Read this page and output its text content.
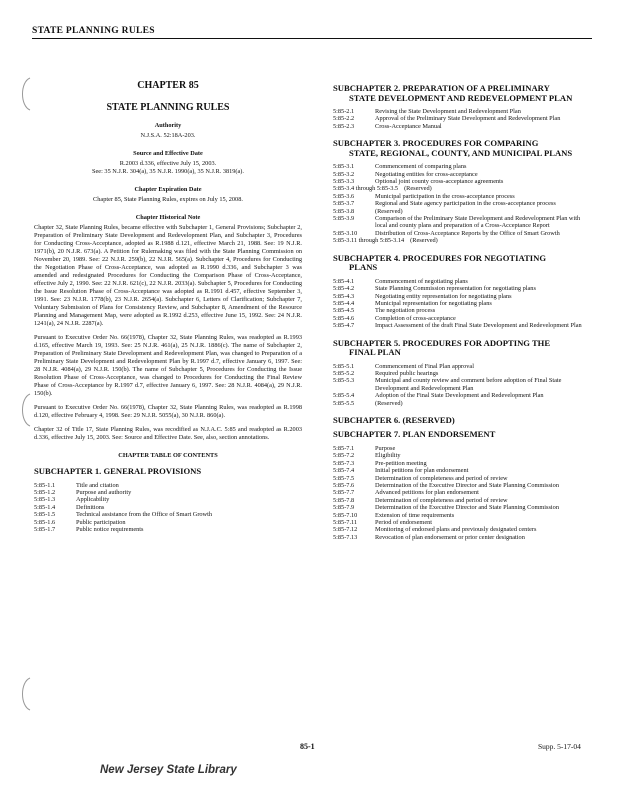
STATE PLANNING RULES
CHAPTER 85
STATE PLANNING RULES
Authority
N.J.S.A. 52:18A-203.
Source and Effective Date
R.2003 d.336, effective July 15, 2003.
See: 35 N.J.R. 304(a), 35 N.J.R. 1990(a), 35 N.J.R. 3819(a).
Chapter Expiration Date
Chapter 85, State Planning Rules, expires on July 15, 2008.
Chapter Historical Note

Chapter 32, State Planning Rules, became effective with Subchapter 1, General Provisions; Subchapter 2, Preparation of Preliminary State Development and Redevelopment Plan, and Subchapter 3, Procedures for Conducting Cross-Acceptance, adopted as R.1988 d.121, effective March 21, 1988. See: 19 N.J.R. 1971(b), 20 N.J.R. 673(a). A Petition for Rulemaking was filed with the State Planning Commission on November 20, 1989. See: 22 N.J.R. 259(b), 22 N.J.R. 565(a). Subchapter 4, Procedures for Conducting the Negotiation Phase of Cross-Acceptance, was adopted as R.1990 d.336, and Subchapter 3 was amended and redesignated Procedures for Conducting the Comparison Phase of Cross-Acceptance, effective July 2, 1990. See: 22 N.J.R. 621(c), 22 N.J.R. 2033(a). Subchapter 5, Procedures for Conducting the Issue Resolution Phase of Cross-Acceptance was adopted as R.1991 d.457, effective September 3, 1991. See: 23 N.J.R. 1778(b), 23 N.J.R. 2654(a). Subchapter 6, Letters of Clarification; Subchapter 7, Voluntary Submission of Plans for Consistency Review, and Subchapter 8, Amendment of the Resource Planning and Management Map, were adopted as R.1992 d.253, effective June 15, 1992. See: 24 N.J.R. 1241(a), 24 N.J.R. 2287(a).

Pursuant to Executive Order No. 66(1978), Chapter 32, State Planning Rules, was readopted as R.1993 d.165, effective March 19, 1993. See: 25 N.J.R. 461(a), 25 N.J.R. 1886(c). The name of Subchapter 2, Preparation of Preliminary State Development and Redevelopment Plan, was changed to Preparation of a Preliminary State Development and Redevelopment Plan by R.1997 d.7, effective January 6, 1997. See: 28 N.J.R. 4084(a), 29 N.J.R. 150(b). The name of Subchapter 5, Procedures for Conducting the Issue Resolution Phase of Cross-Acceptance, was changed to Procedures for Conducting the Final Review Phase of Cross-Acceptance by R.1997 d.7, effective January 6, 1997. See: 28 N.J.R. 4084(a), 29 N.J.R. 150(b).

Pursuant to Executive Order No. 66(1978), Chapter 32, State Planning Rules, was readopted as R.1998 d.120, effective February 4, 1998. See: 29 N.J.R. 5055(a), 30 N.J.R. 860(a).

Chapter 32 of Title 17, State Planning Rules, was recodified as N.J.A.C. 5:85 and readopted as R.2003 d.336, effective July 15, 2003. See: Source and Effective Date. See, also, section annotations.

CHAPTER TABLE OF CONTENTS
SUBCHAPTER 1. GENERAL PROVISIONS
5:85-1.1	Title and citation
5:85-1.2	Purpose and authority
5:85-1.3	Applicability
5:85-1.4	Definitions
5:85-1.5	Technical assistance from the Office of Smart Growth
5:85-1.6	Public participation
5:85-1.7	Public notice requirements
SUBCHAPTER 2. PREPARATION OF A PRELIMINARY
STATE DEVELOPMENT AND REDEVELOPMENT PLAN
5:85-2.1	Revising the State Development and Redevelopment Plan
5:85-2.2	Approval of the Preliminary State Development and Redevelopment Plan
5:85-2.3	Cross-Acceptance Manual
SUBCHAPTER 3. PROCEDURES FOR COMPARING
STATE, REGIONAL, COUNTY, AND MUNICIPAL PLANS
5:85-3.1	Commencement of comparing plans
5:85-3.2	Negotiating entities for cross-acceptance
5:85-3.3	Optional joint county cross-acceptance agreements
5:85-3.4 through 5:85-3.5 (Reserved)
5:85-3.6	Municipal participation in the cross-acceptance process
5:85-3.7	Regional and State agency participation in the cross-acceptance process
5:85-3.8	(Reserved)
5:85-3.9	Comparison of the Preliminary State Development and Redevelopment Plan with local and county plans and preparation of a Cross-Acceptance Report
5:85-3.10	Distribution of Cross-Acceptance Reports by the Office of Smart Growth
5:85-3.11 through 5:85-3.14 (Reserved)
SUBCHAPTER 4. PROCEDURES FOR NEGOTIATING
PLANS
5:85-4.1	Commencement of negotiating plans
5:85-4.2	State Planning Commission representation for negotiating plans
5:85-4.3	Negotiating entity representation for negotiating plans
5:85-4.4	Municipal representation for negotiating plans
5:85-4.5	The negotiation process
5:85-4.6	Completion of cross-acceptance
5:85-4.7	Impact Assessment of the draft Final State Development and Redevelopment Plan
SUBCHAPTER 5. PROCEDURES FOR ADOPTING THE
FINAL PLAN
5:85-5.1	Commencement of Final Plan approval
5:85-5.2	Required public hearings
5:85-5.3	Municipal and county review and comment before adoption of Final State Development and Redevelopment Plan
5:85-5.4	Adoption of the Final State Development and Redevelopment Plan
5:85-5.5	(Reserved)
SUBCHAPTER 6. (RESERVED)
SUBCHAPTER 7. PLAN ENDORSEMENT
5:85-7.1	Purpose
5:85-7.2	Eligibility
5:85-7.3	Pre-petition meeting
5:85-7.4	Initial petitions for plan endorsement
5:85-7.5	Determination of completeness and period of review
5:85-7.6	Determination of the Executive Director and State Planning Commission
5:85-7.7	Advanced petitions for plan endorsement
5:85-7.8	Determination of completeness and period of review
5:85-7.9	Determination of the Executive Director and State Planning Commission
5:85-7.10	Extension of time requirements
5:85-7.11	Period of endorsement
5:85-7.12	Monitoring of endorsed plans and previously designated centers
5:85-7.13	Revocation of plan endorsement or prior center designation
85-1	Supp. 5-17-04
New Jersey State Library
